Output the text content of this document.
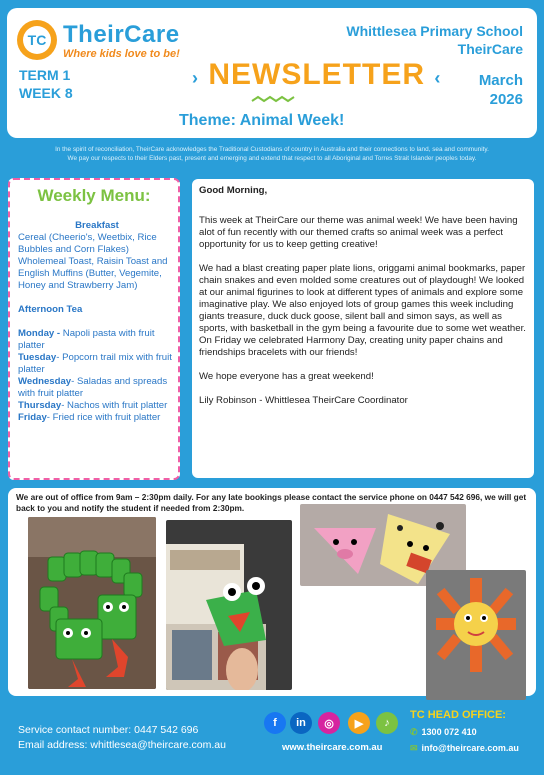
TC TheirCare
Where kids love to be!
Whittlesea Primary School
TheirCare
TERM 1
WEEK 8
› NEWSLETTER ‹ March
2026
Theme: Animal Week!
In the spirit of reconciliation, TheirCare acknowledges the Traditional Custodians of country in Australia and their connections to land, sea and community.
We pay our respects to their Elders past, present and emerging and extend that respect to all Aboriginal and Torres Strait Islander peoples today.
Weekly Menu:
Breakfast
Cereal (Cheerio's, Weetbix, Rice Bubbles and Corn Flakes) Wholemeal Toast, Raisin Toast and English Muffins (Butter, Vegemite, Honey and Strawberry Jam)
Afternoon Tea
Monday - Napoli pasta with fruit platter
Tuesday- Popcorn trail mix with fruit platter
Wednesday- Saladas and spreads with fruit platter
Thursday- Nachos with fruit platter
Friday- Fried rice with fruit platter
Good Morning,
This week at TheirCare our theme was animal week! We have been having alot of fun recently with our themed crafts so animal week was a perfect opportunity for us to keep getting creative!
We had a blast creating paper plate lions, origgami animal bookmarks, paper chain snakes and even molded some creatures out of playdough! We looked at our animal figurines to look at different types of animals and explore some imaginative play. We also enjoyed lots of group games this week including giants treasure, duck duck goose, silent ball and simon says, as well as sports, with basketball in the gym being a favourite due to some wet weather.
On Friday we celebrated Harmony Day, creating unity paper chains and friendships bracelets with our friends!
We hope everyone has a great weekend!
Lily Robinson - Whittlesea TheirCare Coordinator
We are out of office from 9am – 2:30pm daily. For any late bookings please contact the service phone on 0447 542 696, we will get back to you and notify the student if needed from 2:30pm.
Service contact number: 0447 542 696
Email address: whittlesea@theircare.com.au
f	in	◎	▶	♪
www.theircare.com.au
TC HEAD OFFICE:
✆ 1300 072 410
✉ info@theircare.com.au
